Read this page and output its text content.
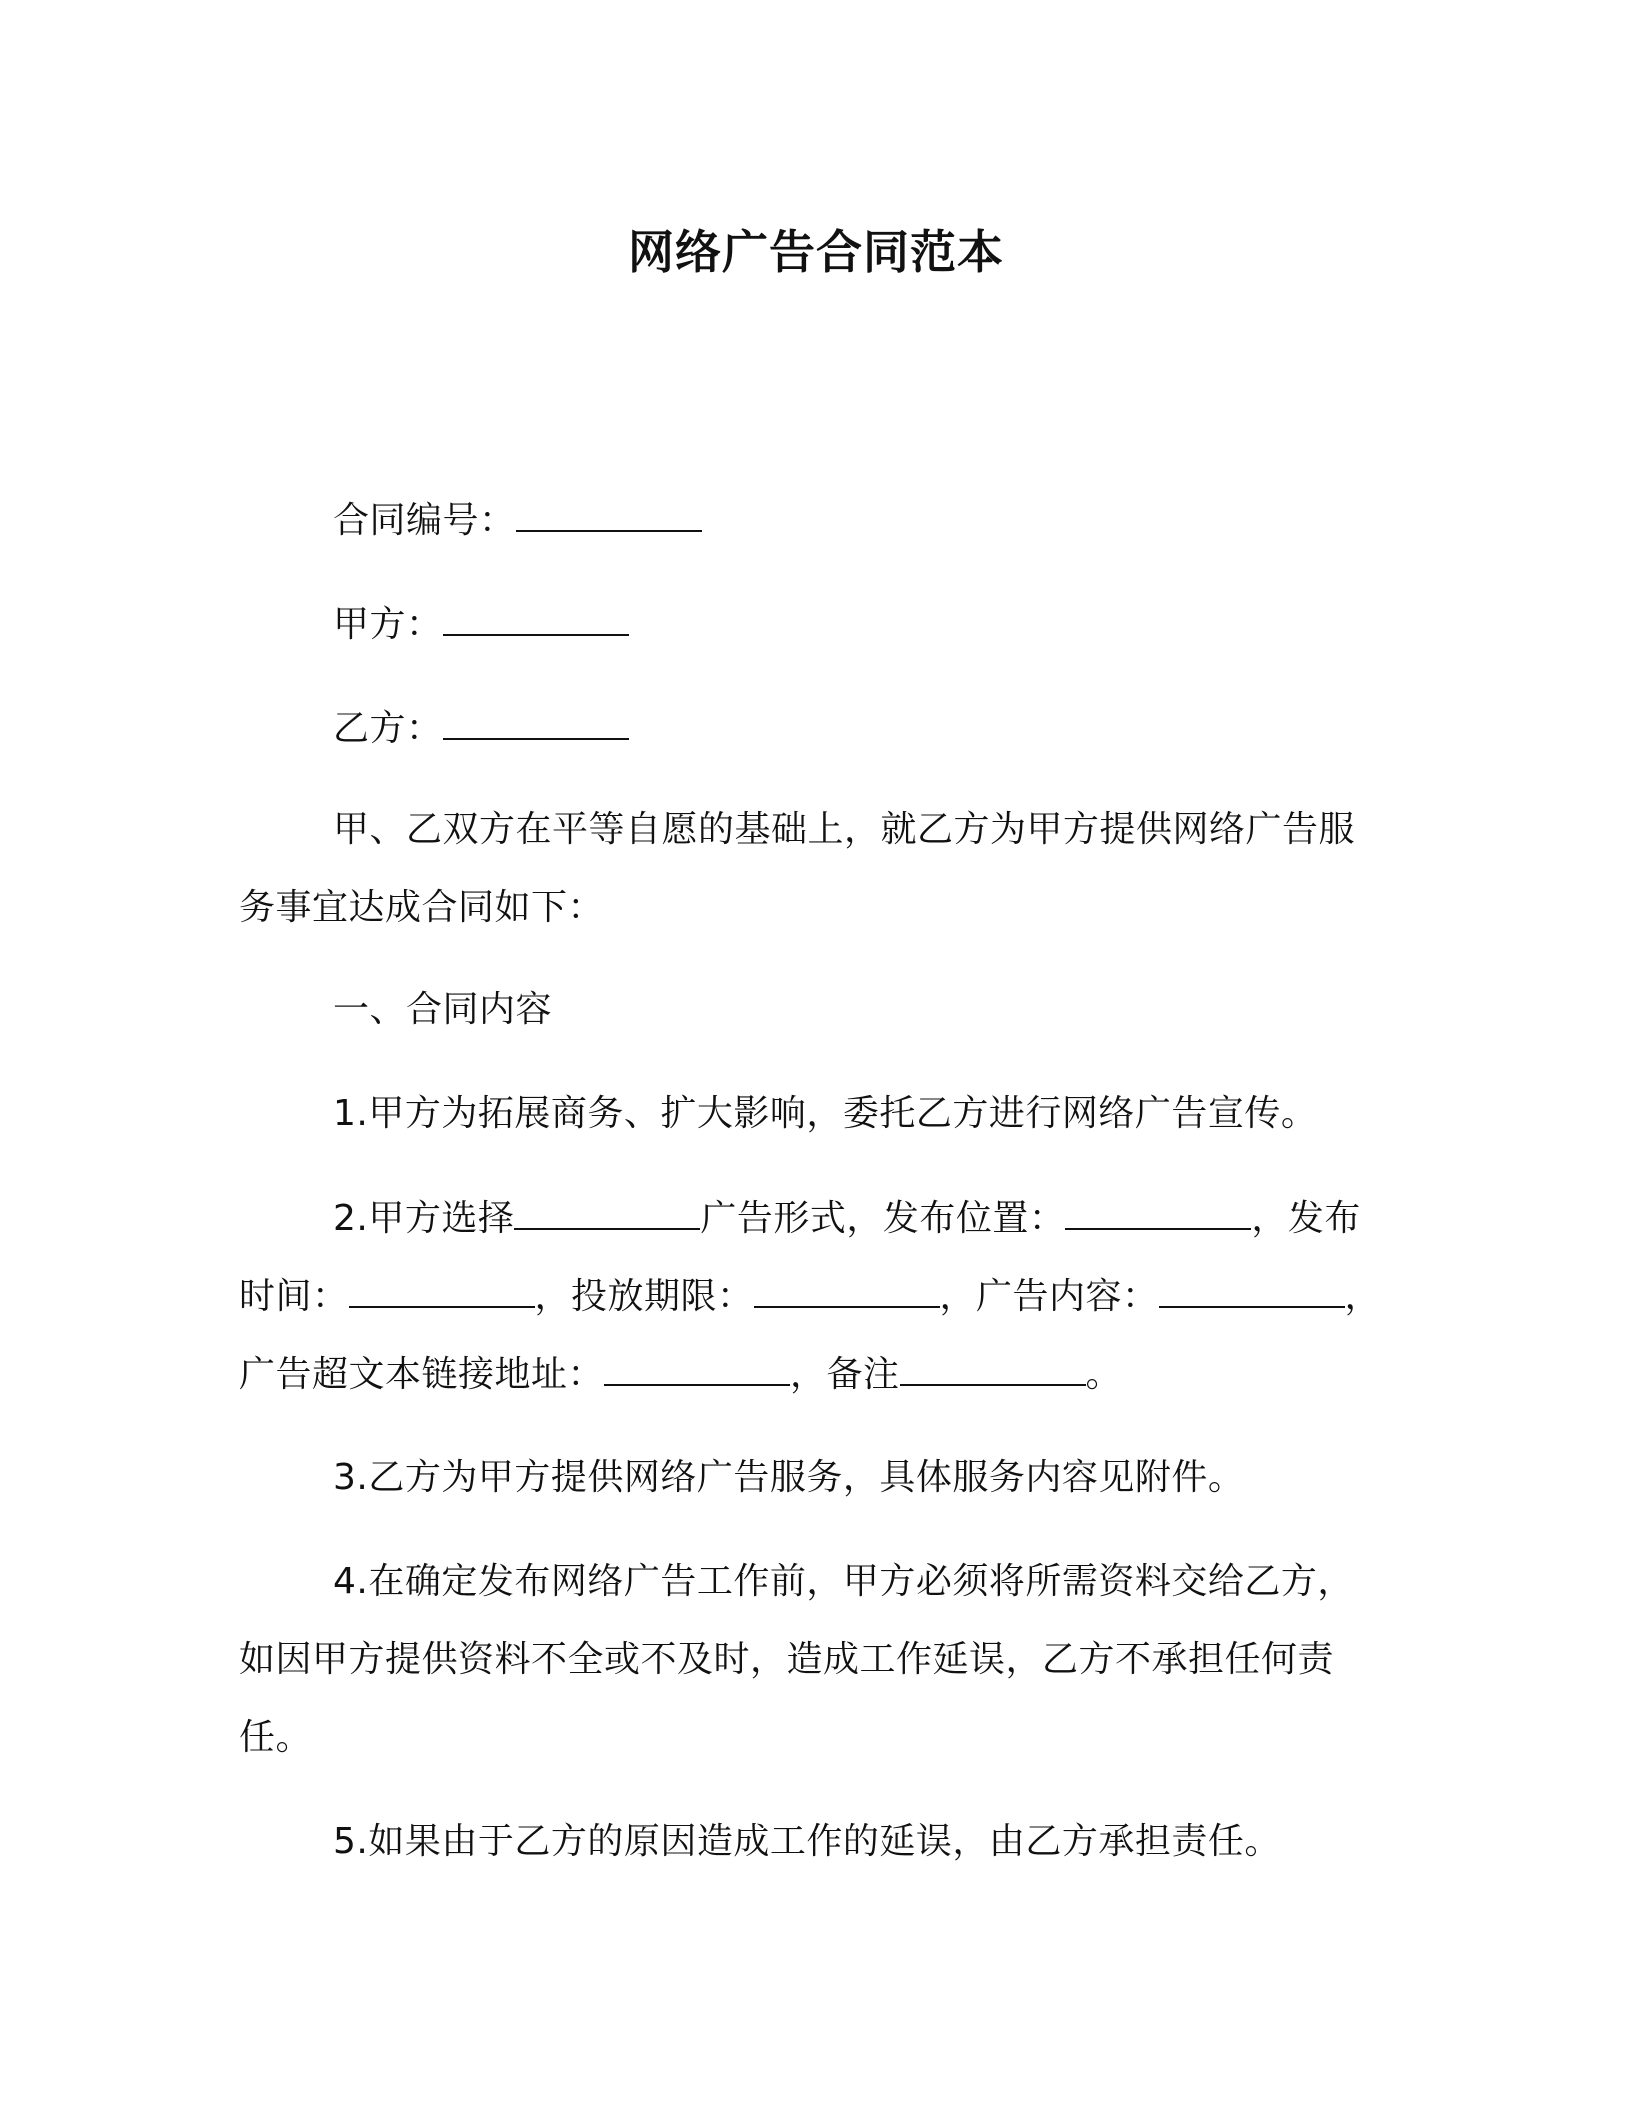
网络广告合同范本
合同编号：
甲方：
乙方：
甲、乙双方在平等自愿的基础上，就乙方为甲方提供网络广告服
务事宜达成合同如下：
一、合同内容
1.甲方为拓展商务、扩大影响，委托乙方进行网络广告宣传。
2.甲方选择	广告形式，发布位置：	，发布
时间：	，投放期限：	，广告内容：	，
广告超文本链接地址：	，备注	。
3.乙方为甲方提供网络广告服务，具体服务内容见附件。
4.在确定发布网络广告工作前，甲方必须将所需资料交给乙方，
如因甲方提供资料不全或不及时，造成工作延误，乙方不承担任何责
任。
5.如果由于乙方的原因造成工作的延误，由乙方承担责任。
